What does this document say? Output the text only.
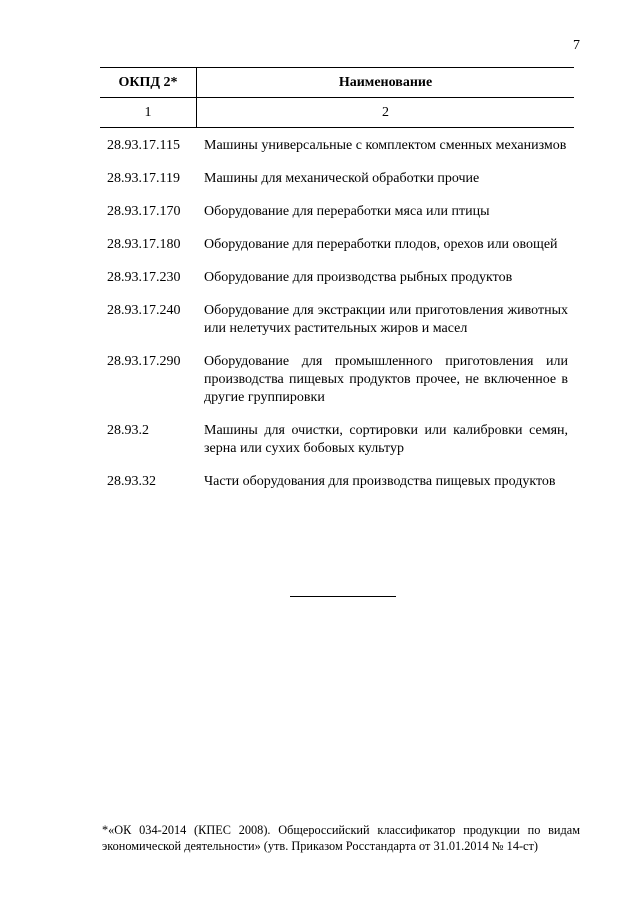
7
ОКПД 2*	Наименование
1	2
28.93.17.115	Машины универсальные с комплектом сменных механизмов
28.93.17.119	Машины для механической обработки прочие
28.93.17.170	Оборудование для переработки мяса или птицы
28.93.17.180	Оборудование для переработки плодов, орехов или овощей
28.93.17.230	Оборудование для производства рыбных продуктов
28.93.17.240	Оборудование для экстракции или приготовления животных или нелетучих растительных жиров и масел
28.93.17.290	Оборудование для промышленного приготовления или производства пищевых продуктов прочее, не включенное в другие группировки
28.93.2	Машины для очистки, сортировки или калибровки семян, зерна или сухих бобовых культур
28.93.32	Части оборудования для производства пищевых продуктов
*«ОК 034-2014 (КПЕС 2008). Общероссийский классификатор продукции по видам экономической деятельности» (утв. Приказом Росстандарта от 31.01.2014 № 14-ст)
